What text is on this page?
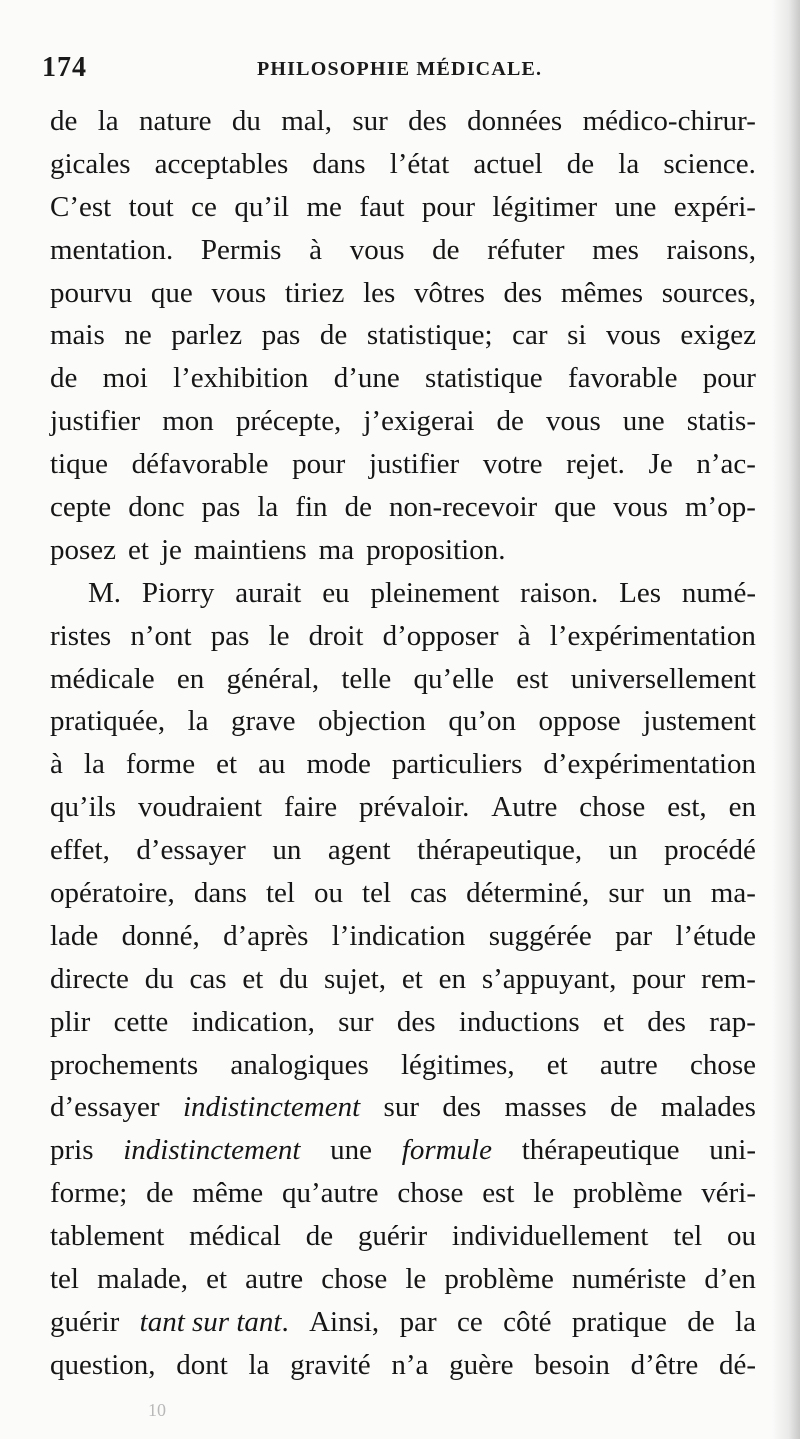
174	PHILOSOPHIE MÉDICALE.
de la nature du mal, sur des données médico-chirur-
gicales acceptables dans l’état actuel de la science.
C’est tout ce qu’il me faut pour légitimer une expéri-
mentation. Permis à vous de réfuter mes raisons,
pourvu que vous tiriez les vôtres des mêmes sources,
mais ne parlez pas de statistique; car si vous exigez
de moi l’exhibition d’une statistique favorable pour
justifier mon précepte, j’exigerai de vous une statis-
tique défavorable pour justifier votre rejet. Je n’ac-
cepte donc pas la fin de non-recevoir que vous m’op-
posez et je maintiens ma proposition.
M. Piorry aurait eu pleinement raison. Les numé-
ristes n’ont pas le droit d’opposer à l’expérimentation
médicale en général, telle qu’elle est universellement
pratiquée, la grave objection qu’on oppose justement
à la forme et au mode particuliers d’expérimentation
qu’ils voudraient faire prévaloir. Autre chose est, en
effet, d’essayer un agent thérapeutique, un procédé
opératoire, dans tel ou tel cas déterminé, sur un ma-
lade donné, d’après l’indication suggérée par l’étude
directe du cas et du sujet, et en s’appuyant, pour rem-
plir cette indication, sur des inductions et des rap-
prochements analogiques légitimes, et autre chose
d’essayer indistinctement sur des masses de malades
pris indistinctement une formule thérapeutique uni-
forme; de même qu’autre chose est le problème véri-
tablement médical de guérir individuellement tel ou
tel malade, et autre chose le problème numériste d’en
guérir tant sur tant. Ainsi, par ce côté pratique de la
question, dont la gravité n’a guère besoin d’être dé-
10
